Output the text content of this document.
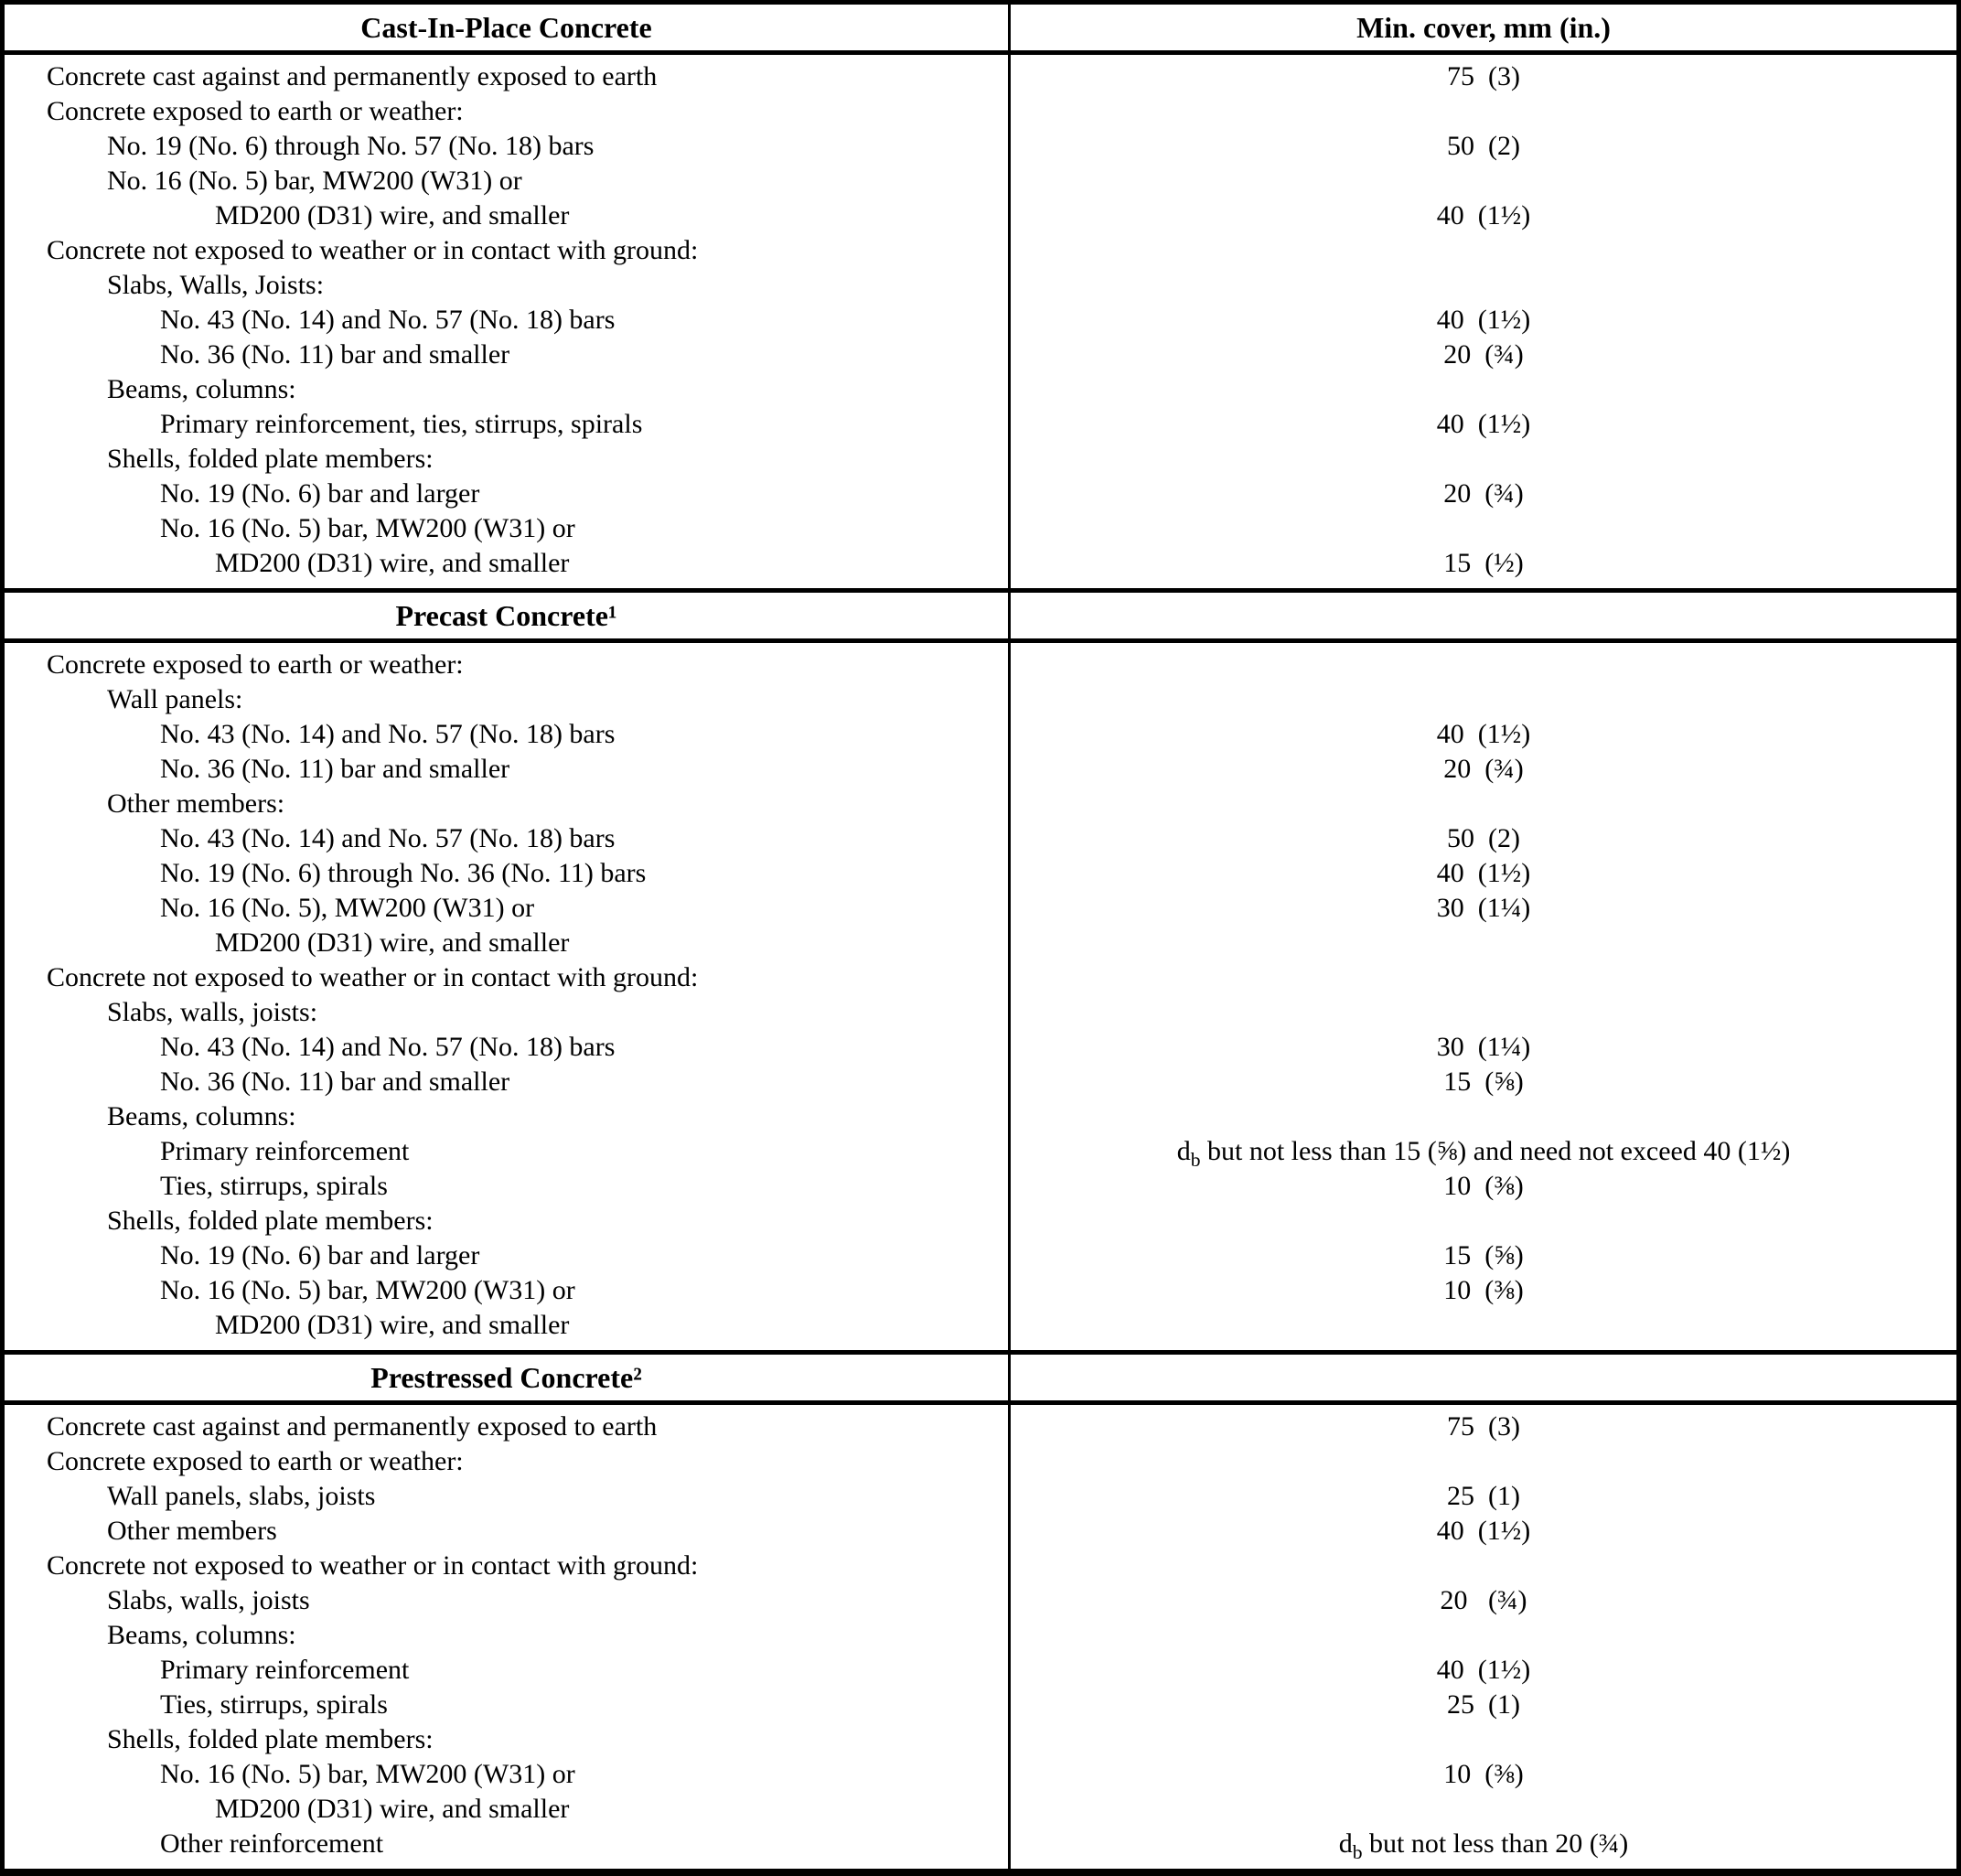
Cast-In-Place Concrete	Min. cover, mm (in.)
Concrete cast against and permanently exposed to earth	75  (3)
Concrete exposed to earth or weather:
No. 19 (No. 6) through No. 57 (No. 18) bars	50  (2)
No. 16 (No. 5) bar, MW200 (W31) or
MD200 (D31) wire, and smaller	40  (1½)
Concrete not exposed to weather or in contact with ground:
Slabs, Walls, Joists:
No. 43 (No. 14) and No. 57 (No. 18) bars	40  (1½)
No. 36 (No. 11) bar and smaller	20  (¾)
Beams, columns:
Primary reinforcement, ties, stirrups, spirals	40  (1½)
Shells, folded plate members:
No. 19 (No. 6) bar and larger	20  (¾)
No. 16 (No. 5) bar, MW200 (W31) or
MD200 (D31) wire, and smaller	15  (½)
Precast Concrete¹
Concrete exposed to earth or weather:
Wall panels:
No. 43 (No. 14) and No. 57 (No. 18) bars	40  (1½)
No. 36 (No. 11) bar and smaller	20  (¾)
Other members:
No. 43 (No. 14) and No. 57 (No. 18) bars	50  (2)
No. 19 (No. 6) through No. 36 (No. 11) bars	40  (1½)
No. 16 (No. 5), MW200 (W31) or	30  (1¼)
MD200 (D31) wire, and smaller
Concrete not exposed to weather or in contact with ground:
Slabs, walls, joists:
No. 43 (No. 14) and No. 57 (No. 18) bars	30  (1¼)
No. 36 (No. 11) bar and smaller	15  (⅝)
Beams, columns:
Primary reinforcement	$d_b$ but not less than 15 (⅝) and need not exceed 40 (1½)
Ties, stirrups, spirals	10  (⅜)
Shells, folded plate members:
No. 19 (No. 6) bar and larger	15  (⅝)
No. 16 (No. 5) bar, MW200 (W31) or	10  (⅜)
MD200 (D31) wire, and smaller
Prestressed Concrete²
Concrete cast against and permanently exposed to earth	75  (3)
Concrete exposed to earth or weather:
Wall panels, slabs, joists	25  (1)
Other members	40  (1½)
Concrete not exposed to weather or in contact with ground:
Slabs, walls, joists	20   (¾)
Beams, columns:
Primary reinforcement	40  (1½)
Ties, stirrups, spirals	25  (1)
Shells, folded plate members:
No. 16 (No. 5) bar, MW200 (W31) or	10  (⅜)
MD200 (D31) wire, and smaller
Other reinforcement	$d_b$ but not less than 20 (¾)
